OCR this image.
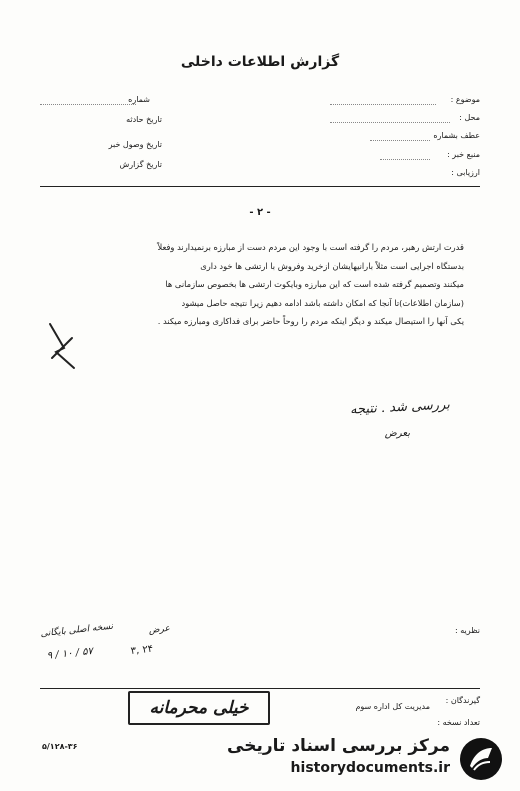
گزارش اطلاعات داخلی
موضوع :
محل :
عطف بشماره
منبع خبر :
ارزیابی :
شماره
تاریخ حادثه
تاریخ وصول خبر
تاریخ گزارش
- ۲ -

قدرت ارتش رهبر، مردم را گرفته است با وجود این مردم دست از مبارزه برنمیدارند وفعلاً

بدستگاه اجرایی است مثلاً بارانیهایشان ازخرید وفروش با ارتشی ها خود داری

میکنند وتصمیم گرفته شده است که این مبارزه وبایکوت ارتشی ها بخصوص سازمانی ها

(سازمان اطلاعات)تا آنجا که امکان داشته باشد ادامه دهیم زیرا نتیجه حاصل میشود

یکی آنها را استیصال میکند و دیگر اینکه مردم را روحاً حاضر برای فداکاری ومبارزه میکند .

بررسی شد . نتیجه
بعرض
نظریه :
نسخه اصلی بایگانی
۹ / ۱۰ / ۵۷
عرض
۳, ۲۴
خیلی محرمانه	گیرندگان :
مدیریت کل اداره سوم
تعداد نسخه :
۵/۱۲۸-۳۶	مرکز بررسی اسناد تاریخی
historydocuments.ir
